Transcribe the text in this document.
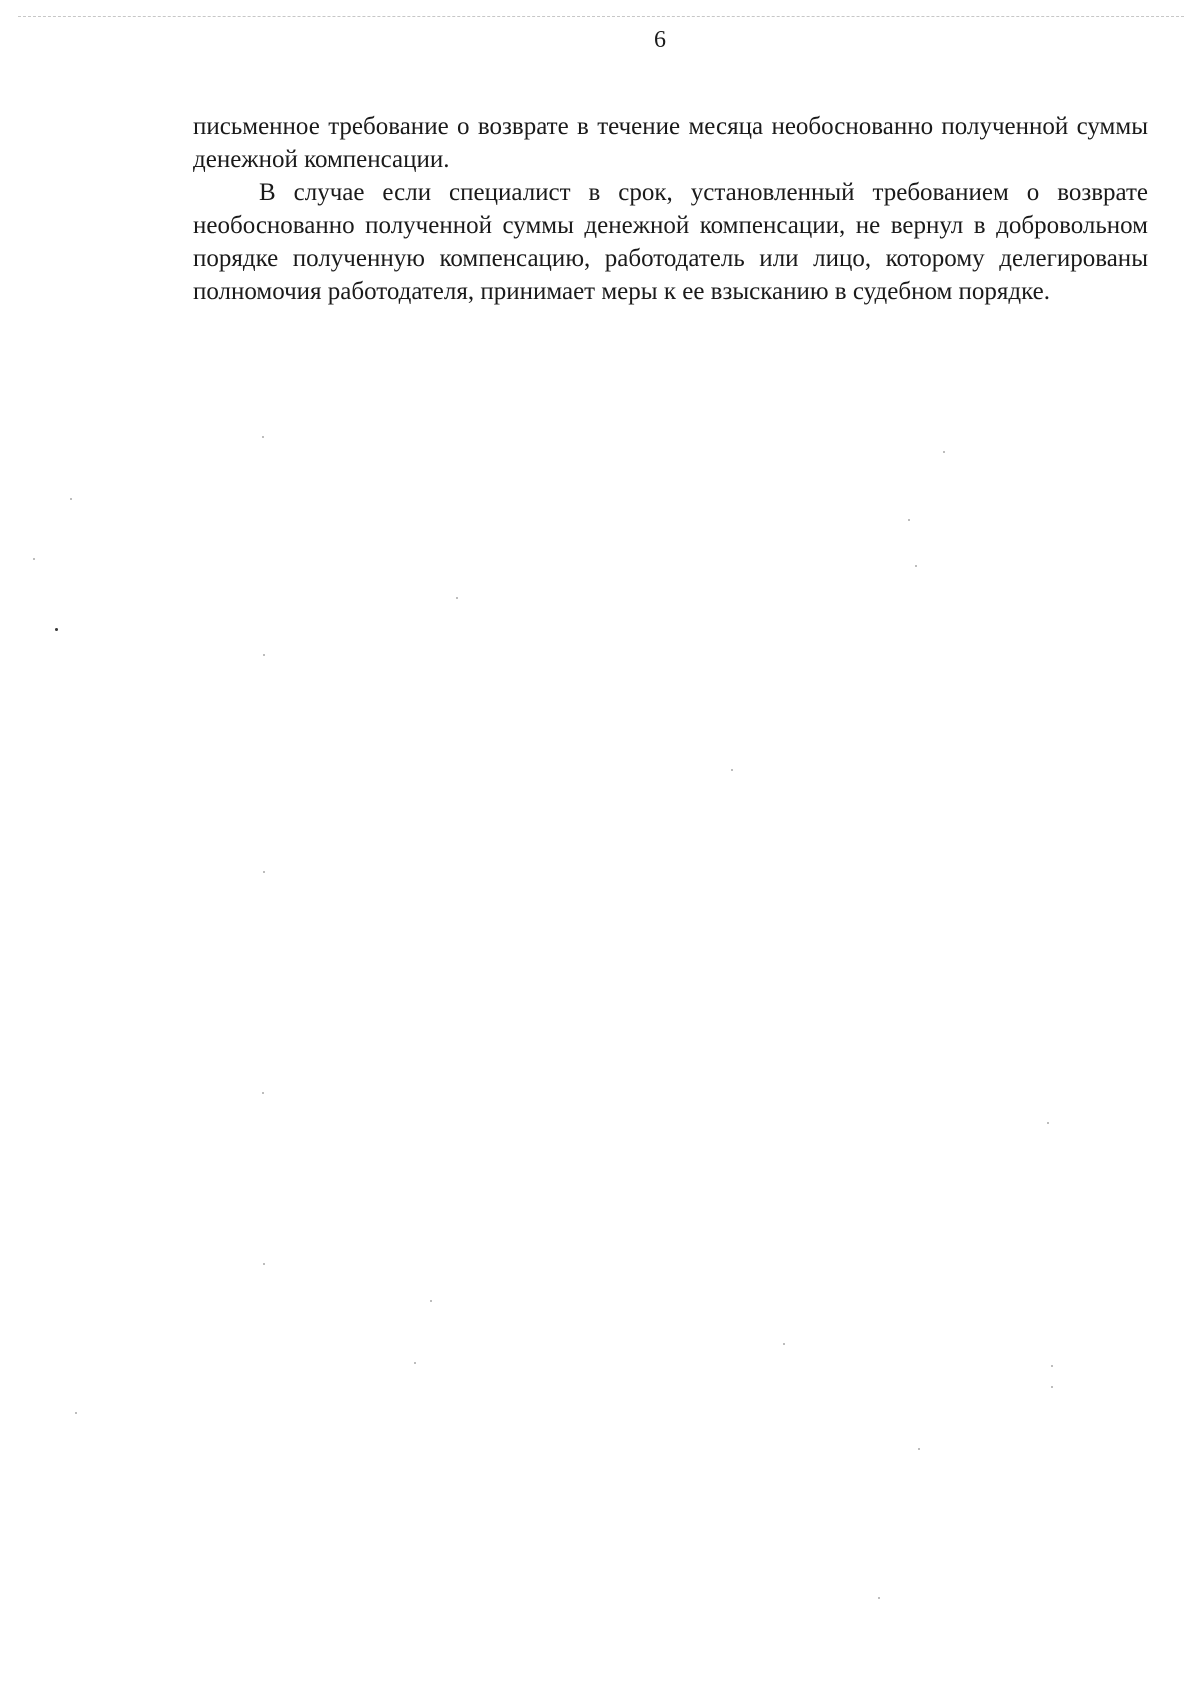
6

письменное требование о возврате в течение месяца необоснованно полученной суммы денежной компенсации.

В случае если специалист в срок, установленный требованием о возврате необоснованно полученной суммы денежной компенсации, не вернул в добровольном порядке полученную компенсацию, работодатель или лицо, которому делегированы полномочия работодателя, принимает меры к ее взысканию в судебном порядке.
